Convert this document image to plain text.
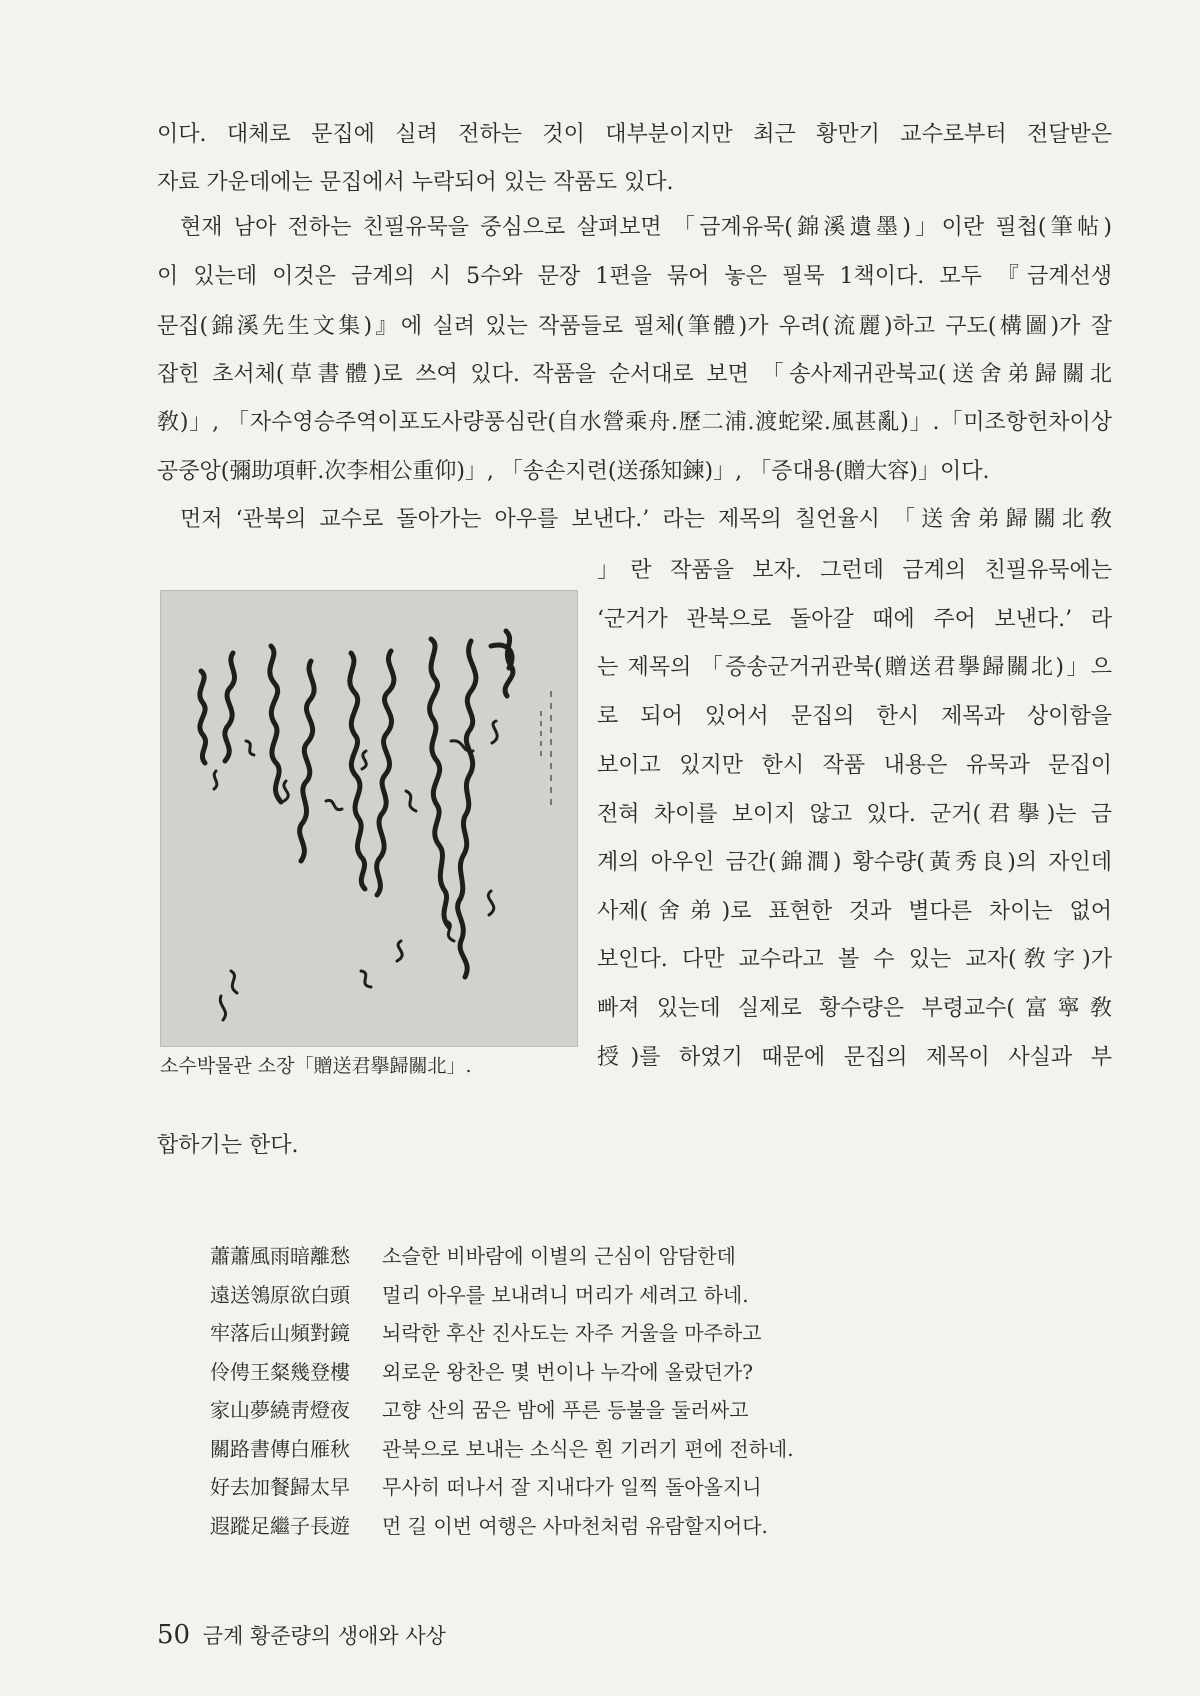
이다. 대체로 문집에 실려 전하는 것이 대부분이지만 최근 황만기 교수로부터 전달받은
자료 가운데에는 문집에서 누락되어 있는 작품도 있다.
현재 남아 전하는 친필유묵을 중심으로 살펴보면 「금계유묵(錦溪遺墨)」이란 필첩(筆帖)
이 있는데 이것은 금계의 시 5수와 문장 1편을 묶어 놓은 필묵 1책이다. 모두 『금계선생
문집(錦溪先生文集)』에 실려 있는 작품들로 필체(筆體)가 우려(流麗)하고 구도(構圖)가 잘
잡힌 초서체(草書體)로 쓰여 있다. 작품을 순서대로 보면 「송사제귀관북교(送舍弟歸關北
敎)」, 「자수영승주역이포도사량풍심란(自水營乘舟.歷二浦.渡蛇梁.風甚亂)」.「미조항헌차이상
공중앙(彌助項軒.次李相公重仰)」, 「송손지련(送孫知鍊)」, 「증대용(贈大容)」이다.
먼저 ‘관북의 교수로 돌아가는 아우를 보낸다.’ 라는 제목의 칠언율시 「送舍弟歸關北敎
소수박물관 소장「贈送君擧歸關北」.
」란 작품을 보자. 그런데 금계의 친필유묵에는
‘군거가 관북으로 돌아갈 때에 주어 보낸다.’ 라
는 제목의 「증송군거귀관북(贈送君擧歸關北)」으
로 되어 있어서 문집의 한시 제목과 상이함을
보이고 있지만 한시 작품 내용은 유묵과 문집이
전혀 차이를 보이지 않고 있다. 군거(君擧)는 금
계의 아우인 금간(錦澗) 황수량(黃秀良)의 자인데
사제(舍弟)로 표현한 것과 별다른 차이는 없어
보인다. 다만 교수라고 볼 수 있는 교자(敎字)가
빠져 있는데 실제로 황수량은 부령교수(富寧敎
授)를 하였기 때문에 문집의 제목이 사실과 부
합하기는 한다.
蕭蕭風雨暗離愁 소슬한 비바람에 이별의 근심이 암담한데
遠送鴒原欲白頭 멀리 아우를 보내려니 머리가 세려고 하네.
牢落后山頻對鏡 뇌락한 후산 진사도는 자주 거울을 마주하고
伶俜王粲幾登樓 외로운 왕찬은 몇 번이나 누각에 올랐던가?
家山夢繞靑燈夜 고향 산의 꿈은 밤에 푸른 등불을 둘러싸고
關路書傳白雁秋 관북으로 보내는 소식은 흰 기러기 편에 전하네.
好去加餐歸太早 무사히 떠나서 잘 지내다가 일찍 돌아올지니
遐蹤足繼子長遊 먼 길 이번 여행은 사마천처럼 유람할지어다.
50 금계 황준량의 생애와 사상
